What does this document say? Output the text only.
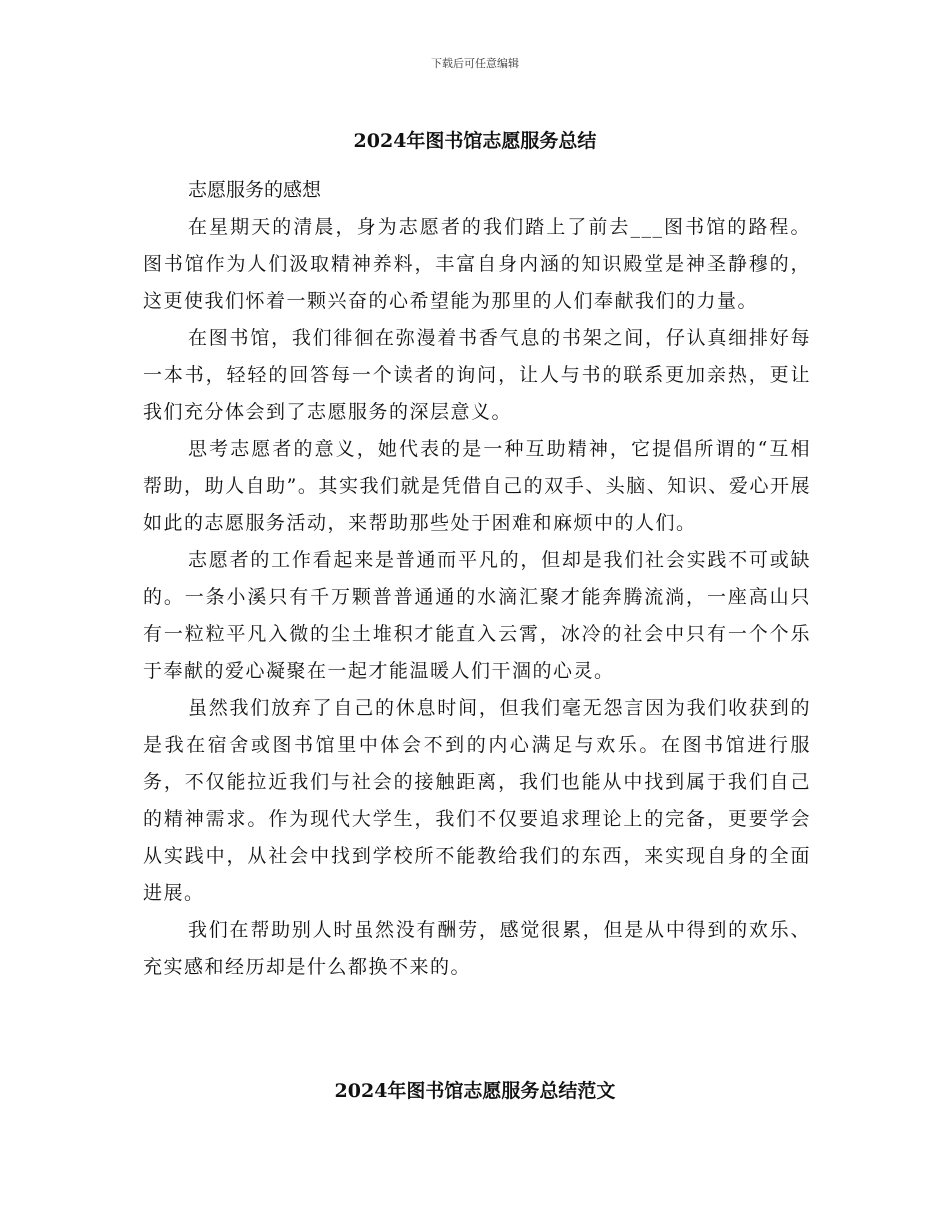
下载后可任意编辑
2024年图书馆志愿服务总结

志愿服务的感想

在星期天的清晨，身为志愿者的我们踏上了前去___图书馆的路程。图书馆作为人们汲取精神养料，丰富自身内涵的知识殿堂是神圣静穆的，这更使我们怀着一颗兴奋的心希望能为那里的人们奉献我们的力量。

在图书馆，我们徘徊在弥漫着书香气息的书架之间，仔认真细排好每一本书，轻轻的回答每一个读者的询问，让人与书的联系更加亲热，更让我们充分体会到了志愿服务的深层意义。

思考志愿者的意义，她代表的是一种互助精神，它提倡所谓的“互相帮助，助人自助”。其实我们就是凭借自己的双手、头脑、知识、爱心开展如此的志愿服务活动，来帮助那些处于困难和麻烦中的人们。

志愿者的工作看起来是普通而平凡的，但却是我们社会实践不可或缺的。一条小溪只有千万颗普普通通的水滴汇聚才能奔腾流淌，一座高山只有一粒粒平凡入微的尘土堆积才能直入云霄，冰冷的社会中只有一个个乐于奉献的爱心凝聚在一起才能温暖人们干涸的心灵。

虽然我们放弃了自己的休息时间，但我们毫无怨言因为我们收获到的是我在宿舍或图书馆里中体会不到的内心满足与欢乐。在图书馆进行服务，不仅能拉近我们与社会的接触距离，我们也能从中找到属于我们自己的精神需求。作为现代大学生，我们不仅要追求理论上的完备，更要学会从实践中，从社会中找到学校所不能教给我们的东西，来实现自身的全面进展。

我们在帮助别人时虽然没有酬劳，感觉很累，但是从中得到的欢乐、充实感和经历却是什么都换不来的。

2024年图书馆志愿服务总结范文
